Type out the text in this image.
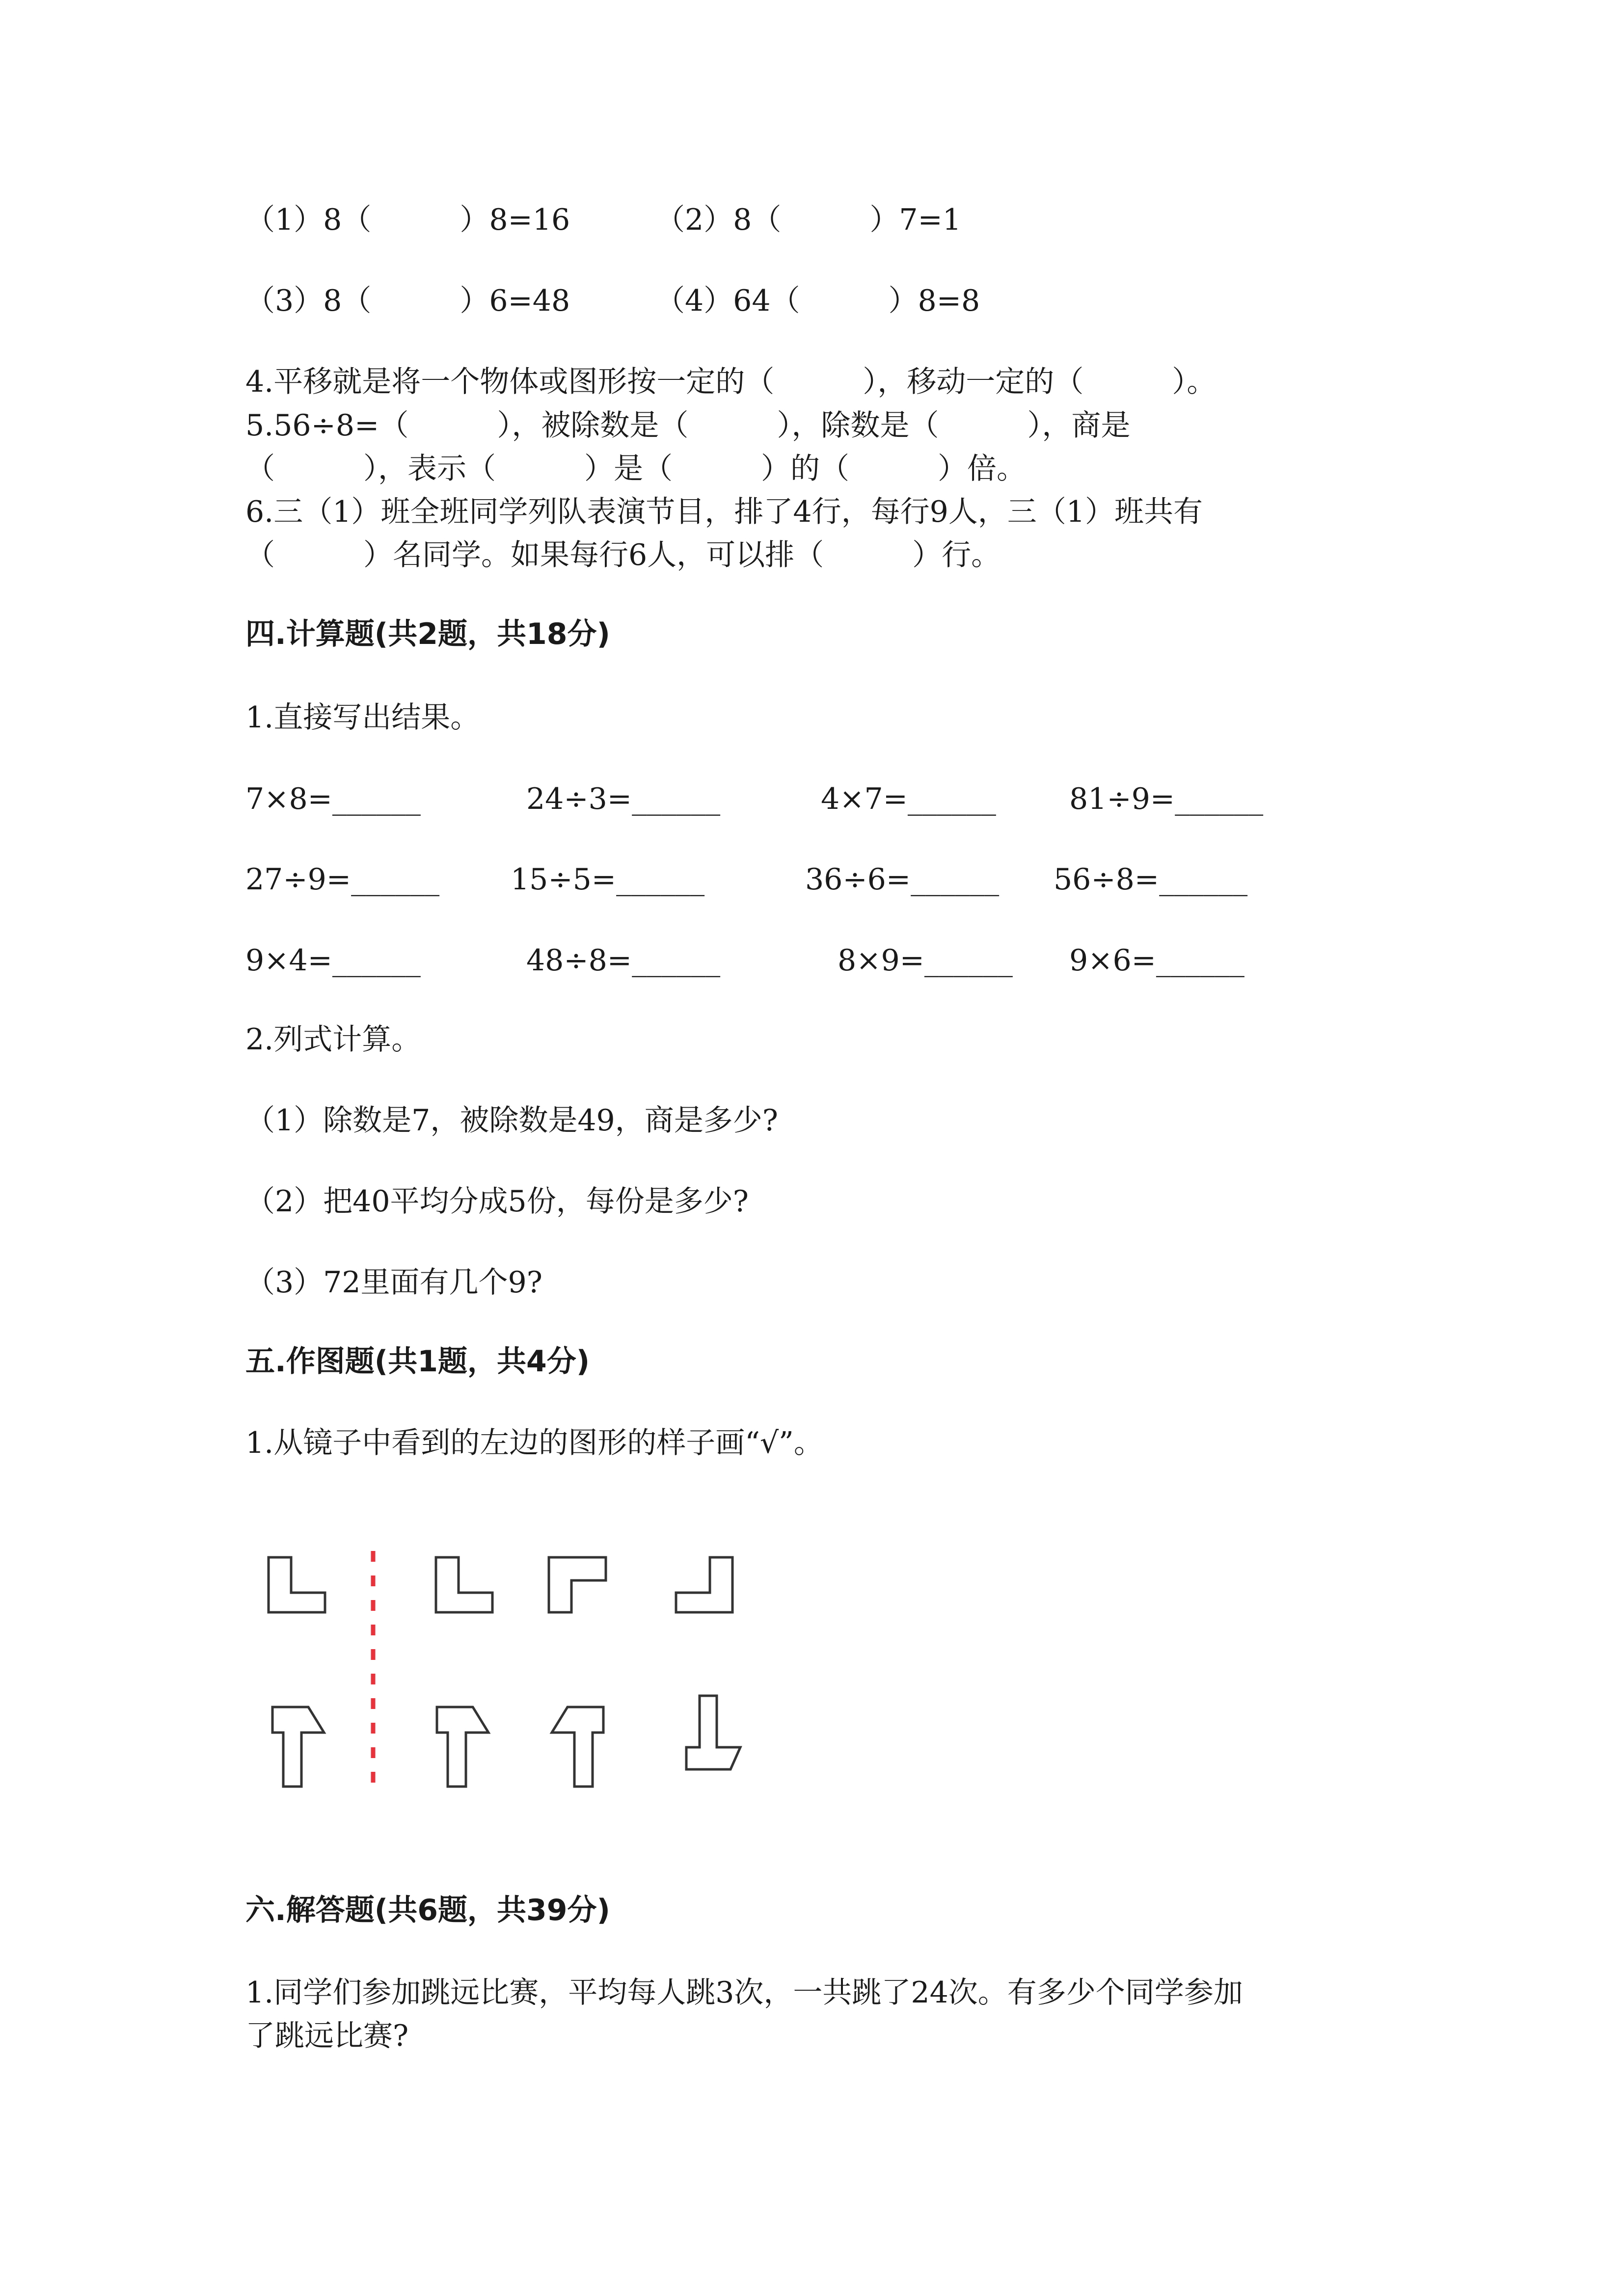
（1）8（　　　）8=16	（2）8（　　　）7=1
（3）8（　　　）6=48	（4）64（　　　）8=8
4.平移就是将一个物体或图形按一定的（　　　），移动一定的（　　　）。
5.56÷8=（　　　），被除数是（　　　），除数是（　　　），商是
（　　　），表示（　　　）是（　　　）的（　　　）倍。
6.三（1）班全班同学列队表演节目，排了4行，每行9人，三（1）班共有
（　　　）名同学。如果每行6人，可以排（　　　）行。
四.计算题(共2题，共18分)
1.直接写出结果。
7×8=______	24÷3=______	4×7=______ 81÷9=______
27÷9=______ 15÷5=______	36÷6=______ 56÷8=______
9×4=______	48÷8=______	8×9=______ 9×6=______
2.列式计算。
（1）除数是7，被除数是49，商是多少?
（2）把40平均分成5份，每份是多少?
（3）72里面有几个9?
五.作图题(共1题，共4分)
1.从镜子中看到的左边的图形的样子画“√”。
六.解答题(共6题，共39分)
1.同学们参加跳远比赛，平均每人跳3次，一共跳了24次。有多少个同学参加
了跳远比赛?
